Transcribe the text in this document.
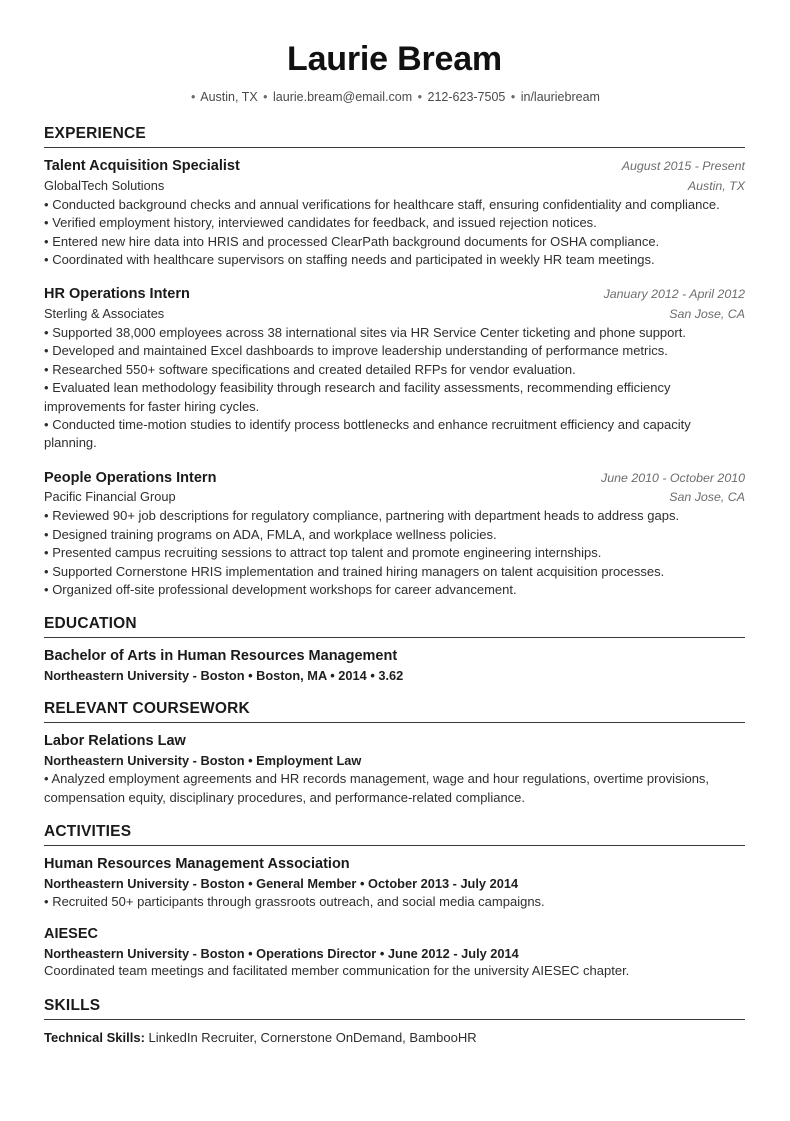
Laurie Bream
• Austin, TX • laurie.bream@email.com • 212-623-7505 • in/lauriebream
EXPERIENCE
Talent Acquisition Specialist	August 2015 - Present
GlobalTech Solutions	Austin, TX
• Conducted background checks and annual verifications for healthcare staff, ensuring confidentiality and compliance.
• Verified employment history, interviewed candidates for feedback, and issued rejection notices.
• Entered new hire data into HRIS and processed ClearPath background documents for OSHA compliance.
• Coordinated with healthcare supervisors on staffing needs and participated in weekly HR team meetings.
HR Operations Intern	January 2012 - April 2012
Sterling & Associates	San Jose, CA
• Supported 38,000 employees across 38 international sites via HR Service Center ticketing and phone support.
• Developed and maintained Excel dashboards to improve leadership understanding of performance metrics.
• Researched 550+ software specifications and created detailed RFPs for vendor evaluation.
• Evaluated lean methodology feasibility through research and facility assessments, recommending efficiency improvements for faster hiring cycles.
• Conducted time-motion studies to identify process bottlenecks and enhance recruitment efficiency and capacity planning.
People Operations Intern	June 2010 - October 2010
Pacific Financial Group	San Jose, CA
• Reviewed 90+ job descriptions for regulatory compliance, partnering with department heads to address gaps.
• Designed training programs on ADA, FMLA, and workplace wellness policies.
• Presented campus recruiting sessions to attract top talent and promote engineering internships.
• Supported Cornerstone HRIS implementation and trained hiring managers on talent acquisition processes.
• Organized off-site professional development workshops for career advancement.
EDUCATION
Bachelor of Arts in Human Resources Management
Northeastern University - Boston • Boston, MA • 2014 • 3.62
RELEVANT COURSEWORK
Labor Relations Law
Northeastern University - Boston • Employment Law
• Analyzed employment agreements and HR records management, wage and hour regulations, overtime provisions, compensation equity, disciplinary procedures, and performance-related compliance.
ACTIVITIES
Human Resources Management Association
Northeastern University - Boston • General Member • October 2013 - July 2014
• Recruited 50+ participants through grassroots outreach, and social media campaigns.
AIESEC
Northeastern University - Boston • Operations Director • June 2012 - July 2014
Coordinated team meetings and facilitated member communication for the university AIESEC chapter.
SKILLS
Technical Skills: LinkedIn Recruiter, Cornerstone OnDemand, BambooHR
